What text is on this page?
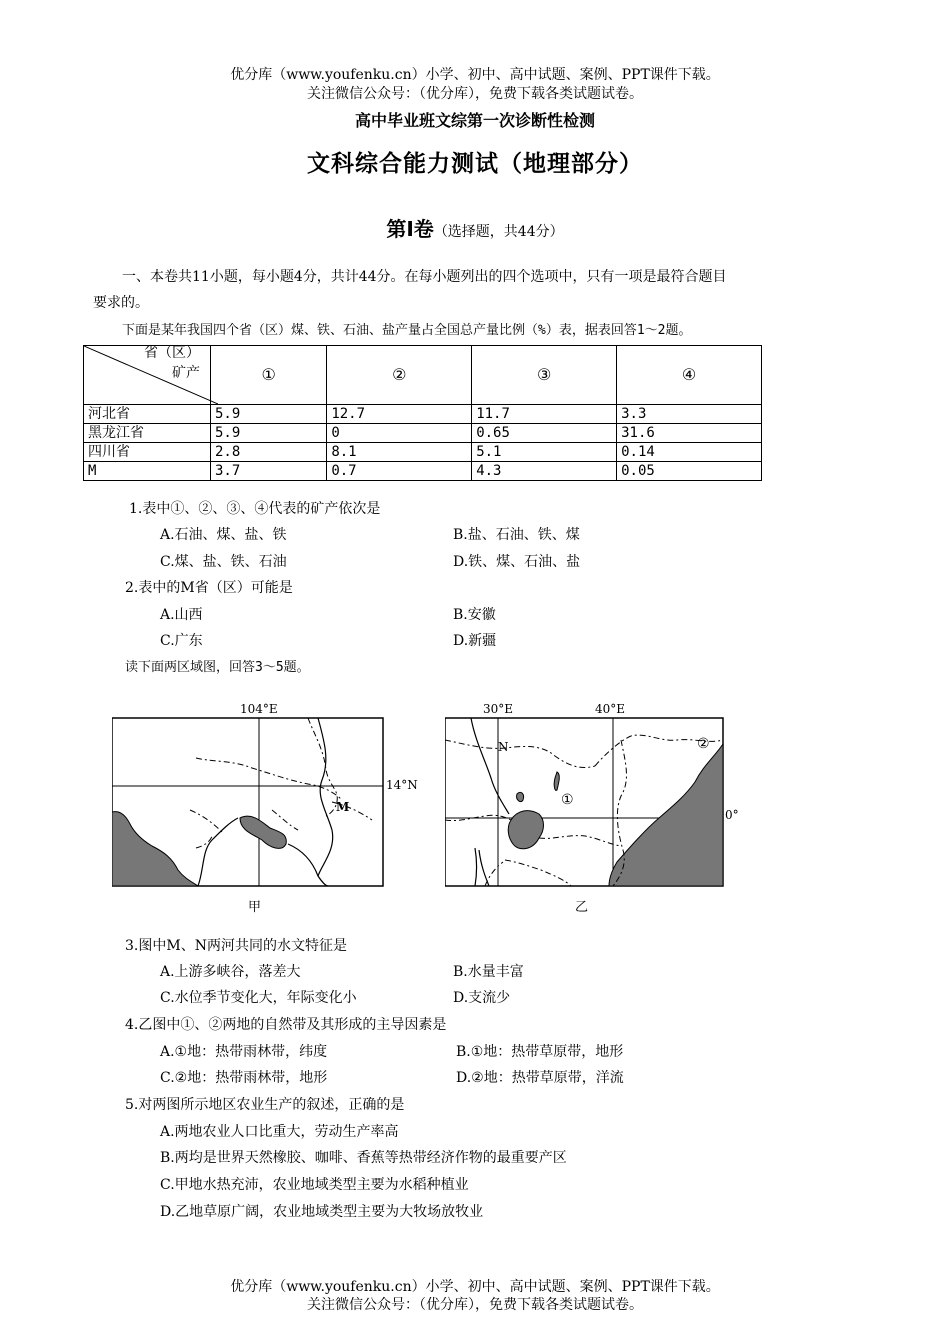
优分库（www.youfenku.cn）小学、初中、高中试题、案例、PPT课件下载。
关注微信公众号：（优分库），免费下载各类试题试卷。
高中毕业班文综第一次诊断性检测
文科综合能力测试（地理部分）
第Ⅰ卷（选择题，共44分）
一、本卷共11小题，每小题4分，共计44分。在每小题列出的四个选项中，只有一项是最符合题目
要求的。
下面是某年我国四个省（区）煤、铁、石油、盐产量占全国总产量比例（%）表，据表回答1～2题。
省（区）
矿产	①	②	③	④
河北省	5.9	12.7	11.7	3.3
黑龙江省	5.9	0	0.65	31.6
四川省	2.8	8.1	5.1	0.14
M	3.7	0.7	4.3	0.05
1.表中①、②、③、④代表的矿产依次是
A.石油、煤、盐、铁	B.盐、石油、铁、煤
C.煤、盐、铁、石油	D.铁、煤、石油、盐
2.表中的M省（区）可能是
A.山西	B.安徽
C.广东	D.新疆
读下面两区域图，回答3～5题。
104°E
14°N
M
甲
30°E	40°E
0°
N
①
②
乙
3.图中M、N两河共同的水文特征是
A.上游多峡谷，落差大	B.水量丰富
C.水位季节变化大，年际变化小	D.支流少
4.乙图中①、②两地的自然带及其形成的主导因素是
A.①地：热带雨林带，纬度	B.①地：热带草原带，地形
C.②地：热带雨林带，地形	D.②地：热带草原带，洋流
5.对两图所示地区农业生产的叙述，正确的是
A.两地农业人口比重大，劳动生产率高
B.两均是世界天然橡胶、咖啡、香蕉等热带经济作物的最重要产区
C.甲地水热充沛，农业地域类型主要为水稻种植业
D.乙地草原广阔，农业地域类型主要为大牧场放牧业
优分库（www.youfenku.cn）小学、初中、高中试题、案例、PPT课件下载。
关注微信公众号：（优分库），免费下载各类试题试卷。
